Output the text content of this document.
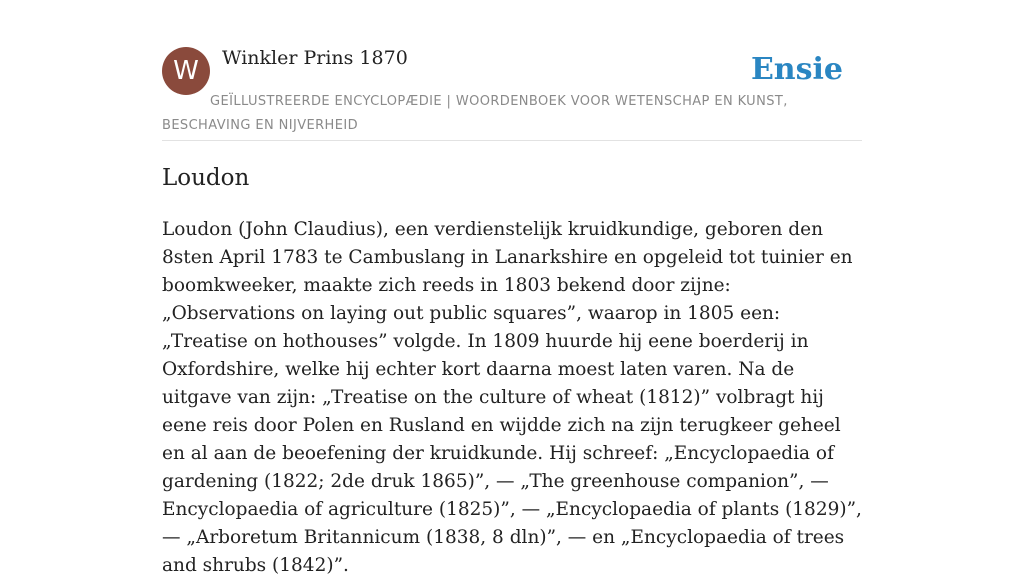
W	Winkler Prins 1870	Ensie
GEÏLLUSTREERDE ENCYCLOPÆDIE | WOORDENBOEK VOOR WETENSCHAP EN KUNST, BESCHAVING EN NIJVERHEID
Loudon

Loudon (John Claudius), een verdienstelijk kruidkundige, geboren den 8sten April 1783 te Cambuslang in Lanarkshire en opgeleid tot tuinier en boomkweeker, maakte zich reeds in 1803 bekend door zijne: „Observations on laying out public squares”, waarop in 1805 een: „Treatise on hothouses” volgde. In 1809 huurde hij eene boerderij in Oxfordshire, welke hij echter kort daarna moest laten varen. Na de uitgave van zijn: „Treatise on the culture of wheat (1812)” volbragt hij eene reis door Polen en Rusland en wijdde zich na zijn terugkeer geheel en al aan de beoefening der kruidkunde. Hij schreef: „Encyclopaedia of gardening (1822; 2de druk 1865)”, — „The greenhouse companion”, — Encyclopaedia of agriculture (1825)”, — „Encyclopaedia of plants (1829)”, — „Arboretum Britannicum (1838, 8 dln)”, — en „Encyclopaedia of trees and shrubs (1842)”.
